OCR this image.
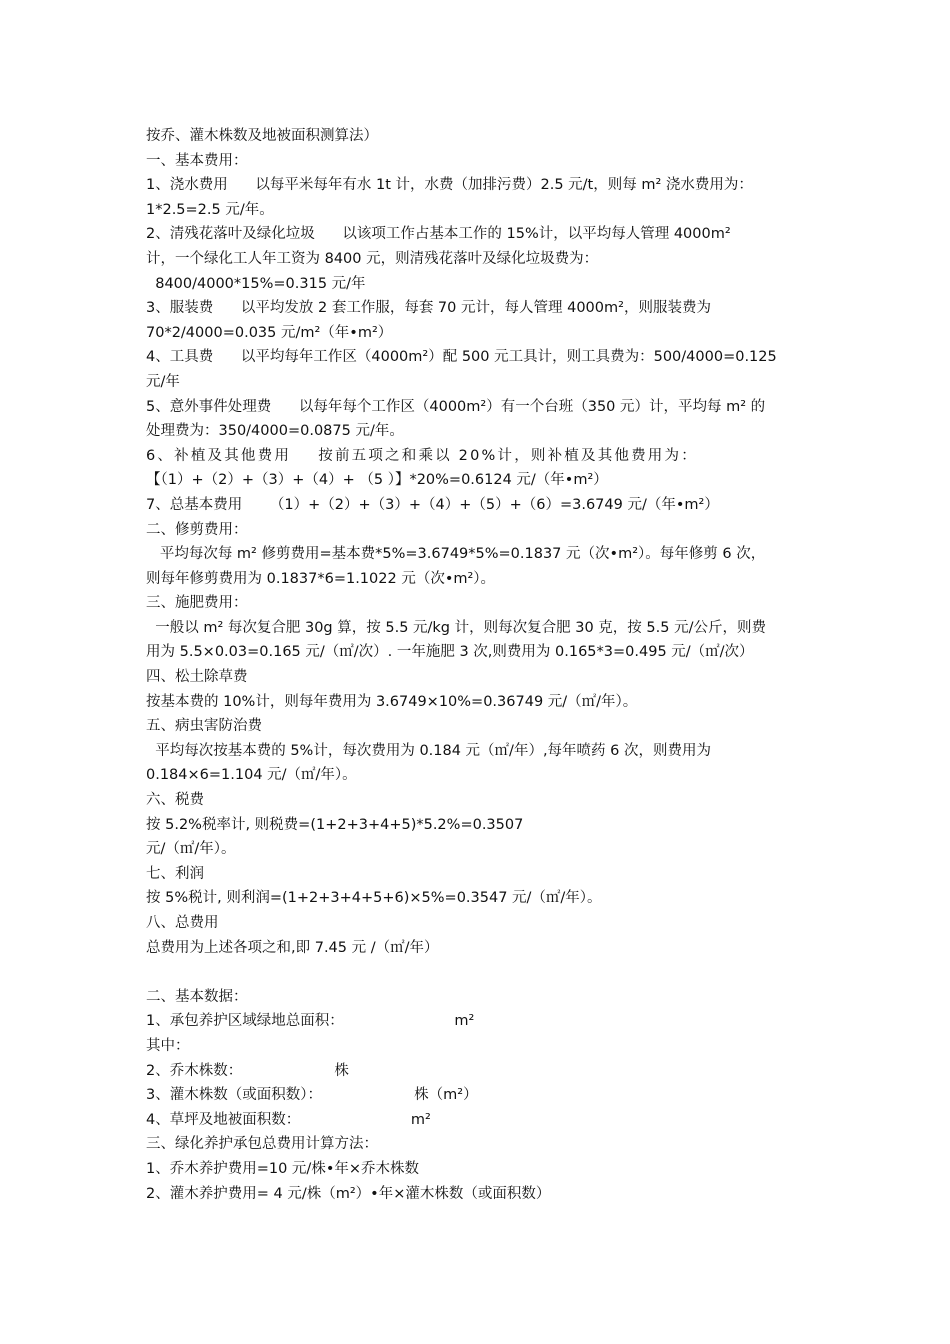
按乔、灌木株数及地被面积测算法）

一、基本费用：

1、浇水费用      以每平米每年有水 1t 计，水费（加排污费）2.5 元/t，则每 m² 浇水费用为：

1*2.5=2.5 元/年。

2、清残花落叶及绿化垃圾      以该项工作占基本工作的 15%计，以平均每人管理 4000m²

计，一个绿化工人年工资为 8400 元，则清残花落叶及绿化垃圾费为：

8400/4000*15%=0.315 元/年

3、服装费      以平均发放 2 套工作服，每套 70 元计，每人管理 4000m²，则服装费为

70*2/4000=0.035 元/m²（年•m²）

4、工具费      以平均每年工作区（4000m²）配 500 元工具计，则工具费为：500/4000=0.125

元/年

5、意外事件处理费      以每年每个工作区（4000m²）有一个台班（350 元）计，平均每 m² 的

处理费为：350/4000=0.0875 元/年。

6、补植及其他费用    按前五项之和乘以 20%计，则补植及其他费用为：

【（1）+（2）+（3）+（4）+ （5 ）】*20%=0.6124 元/（年•m²）

7、总基本费用      （1）+（2）+（3）+（4）+（5）+（6）=3.6749 元/（年•m²）

二、修剪费用：

平均每次每 m² 修剪费用=基本费*5%=3.6749*5%=0.1837 元（次•m²）。每年修剪 6 次，

则每年修剪费用为 0.1837*6=1.1022 元（次•m²）。

三、施肥费用：

一般以 m² 每次复合肥 30g 算，按 5.5 元/kg 计，则每次复合肥 30 克，按 5.5 元/公斤，则费

用为 5.5×0.03=0.165 元/（㎡/次）. 一年施肥 3 次,则费用为 0.165*3=0.495 元/（㎡/次）

四、松土除草费

按基本费的 10%计，则每年费用为 3.6749×10%=0.36749 元/（㎡/年）。

五、病虫害防治费

平均每次按基本费的 5%计，每次费用为 0.184 元（㎡/年）,每年喷药 6 次，则费用为

0.184×6=1.104 元/（㎡/年）。

六、税费

按 5.2%税率计, 则税费=(1+2+3+4+5)*5.2%=0.3507

元/（㎡/年）。

七、利润

按 5%税计, 则利润=(1+2+3+4+5+6)×5%=0.3547 元/（㎡/年）。

八、总费用

总费用为上述各项之和,即 7.45 元 /（㎡/年）

二、基本数据：

1、承包养护区域绿地总面积：                        m²

其中：

2、乔木株数：                    株

3、灌木株数（或面积数）：                    株（m²）

4、草坪及地被面积数：                        m²

三、绿化养护承包总费用计算方法：

1、乔木养护费用=10 元/株•年×乔木株数

2、灌木养护费用= 4 元/株（m²）•年×灌木株数（或面积数）
